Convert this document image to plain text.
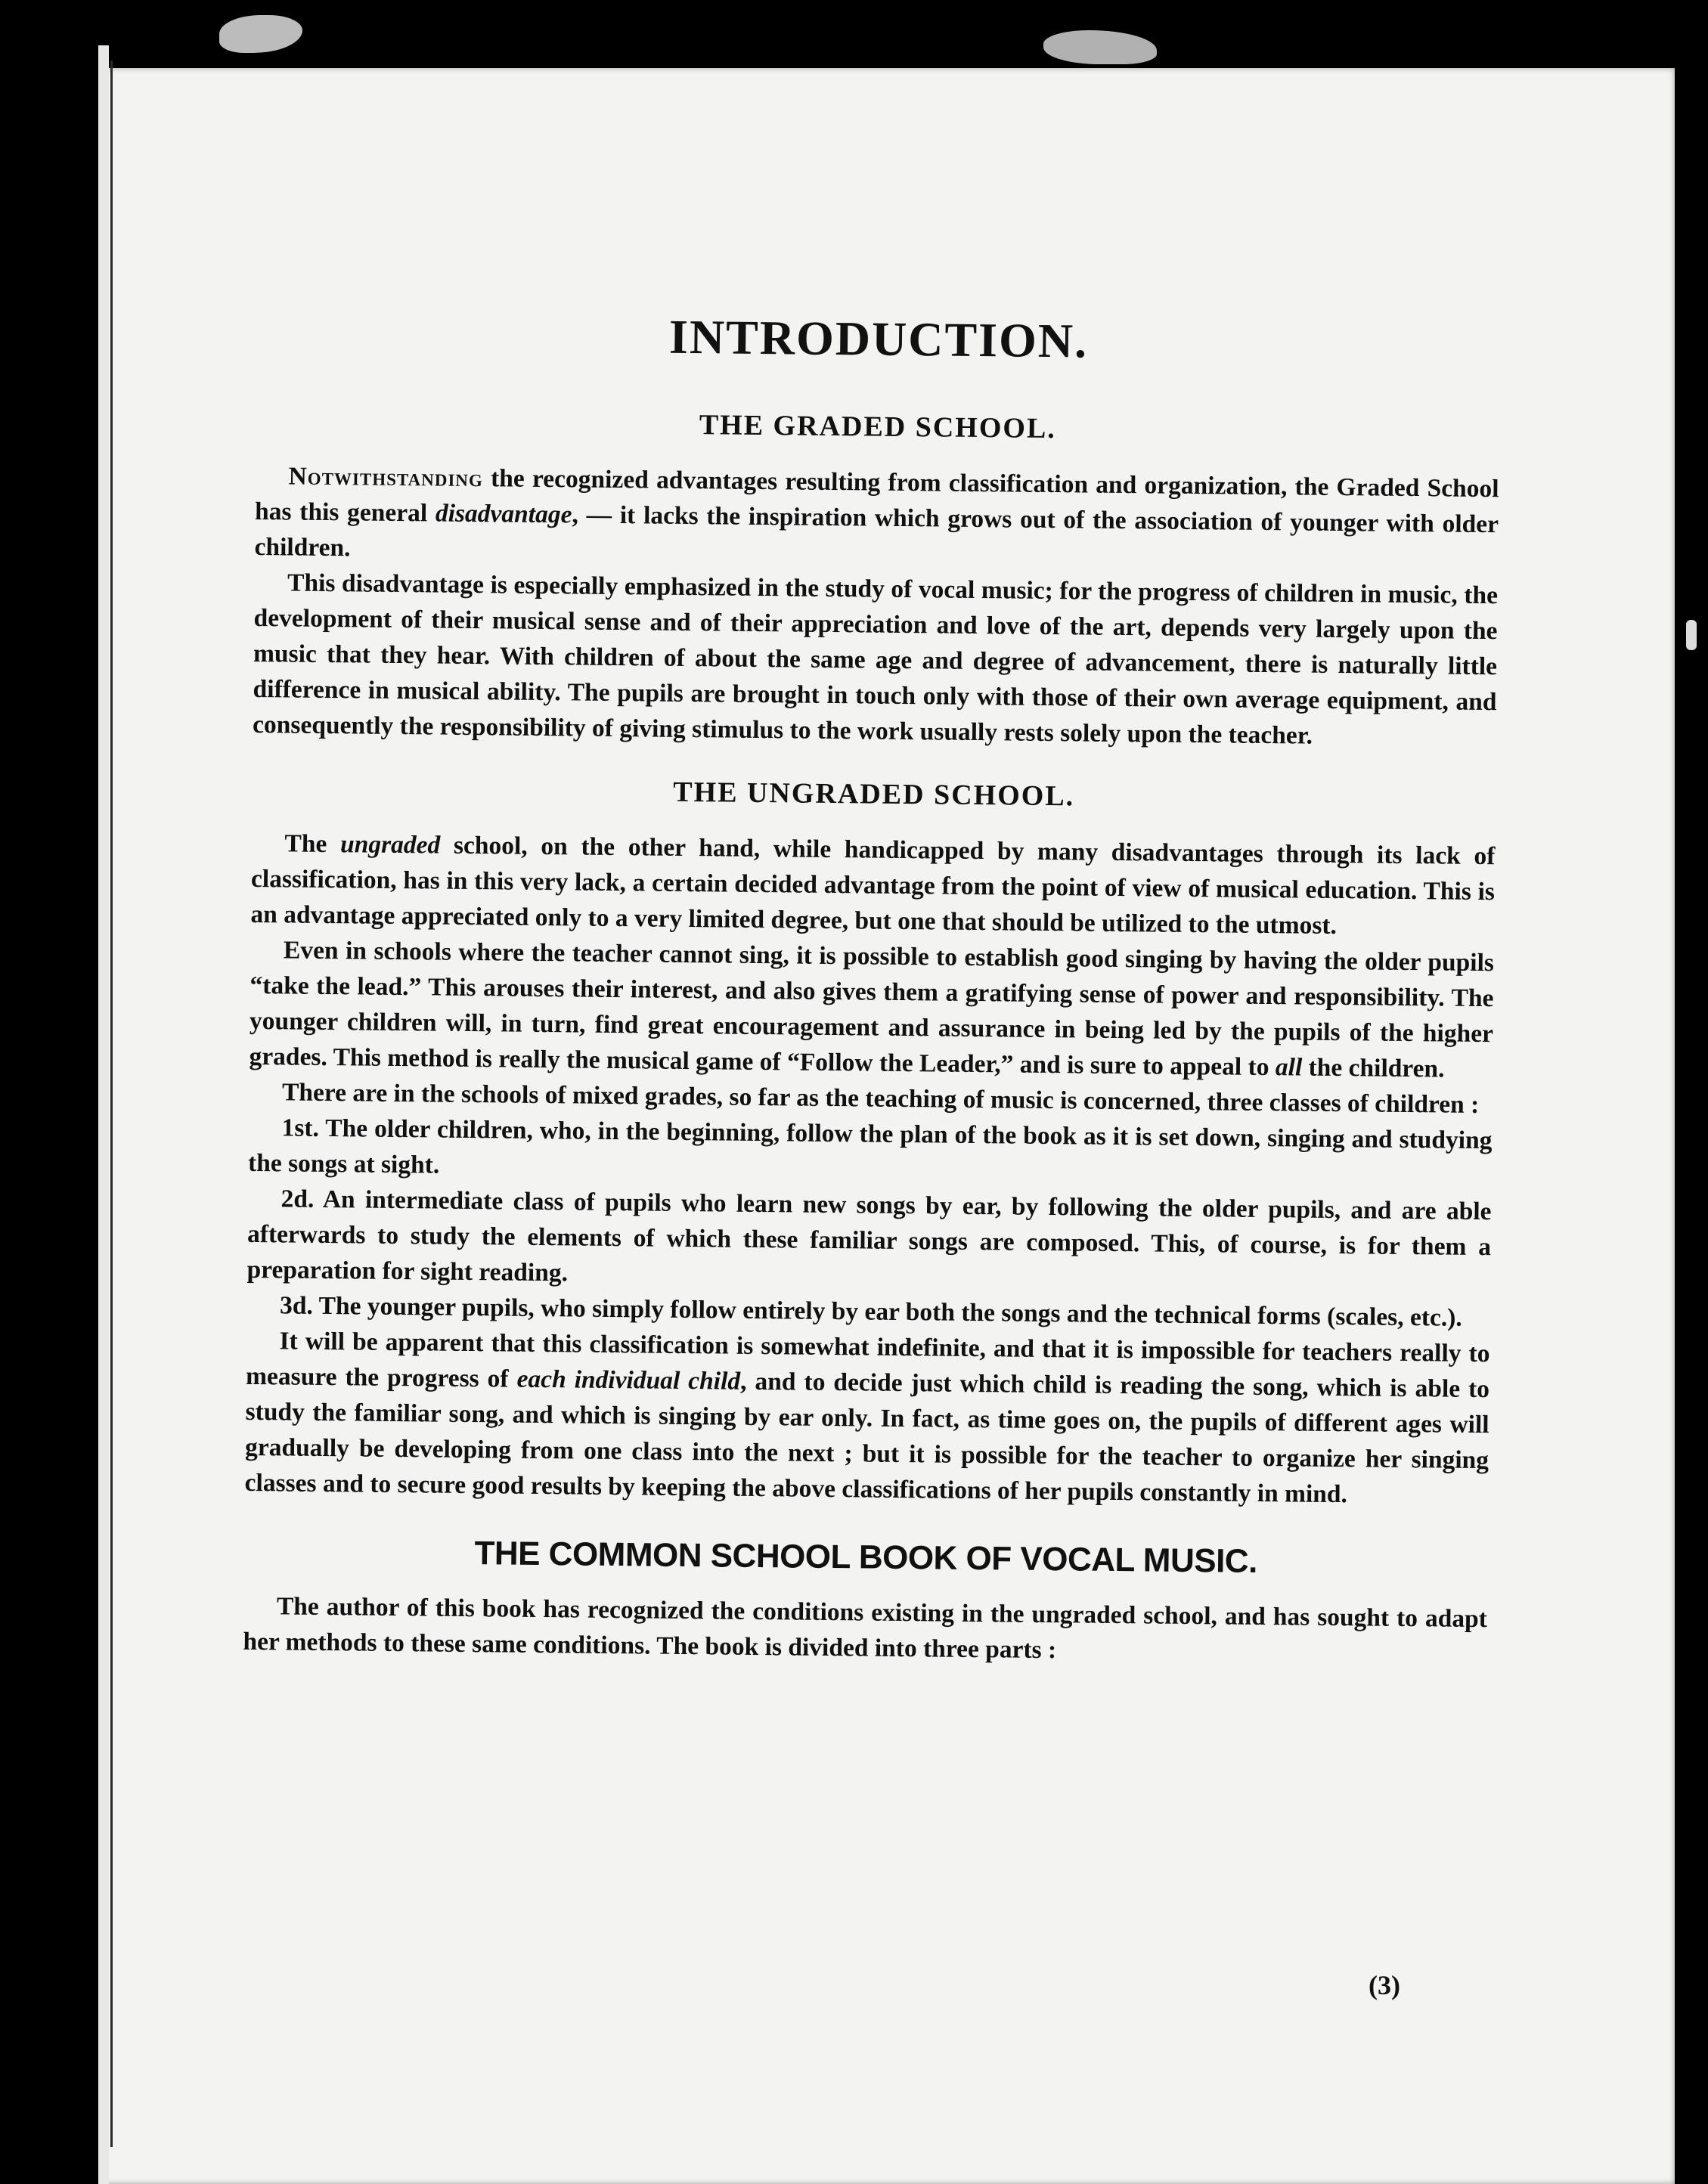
INTRODUCTION.
THE GRADED SCHOOL.

Notwithstanding the recognized advantages resulting from classification and organization, the Graded School has this general disadvantage, — it lacks the inspiration which grows out of the association of younger with older children.

This disadvantage is especially emphasized in the study of vocal music; for the progress of children in music, the development of their musical sense and of their appreciation and love of the art, depends very largely upon the music that they hear. With children of about the same age and degree of advancement, there is naturally little difference in musical ability. The pupils are brought in touch only with those of their own average equipment, and consequently the responsibility of giving stimulus to the work usually rests solely upon the teacher.

THE UNGRADED SCHOOL.

The ungraded school, on the other hand, while handicapped by many disadvantages through its lack of classification, has in this very lack, a certain decided advantage from the point of view of musical education. This is an advantage appreciated only to a very limited degree, but one that should be utilized to the utmost.

Even in schools where the teacher cannot sing, it is possible to establish good singing by having the older pupils “take the lead.” This arouses their interest, and also gives them a gratifying sense of power and responsibility. The younger children will, in turn, find great encouragement and assurance in being led by the pupils of the higher grades. This method is really the musical game of “Follow the Leader,” and is sure to appeal to all the children.

There are in the schools of mixed grades, so far as the teaching of music is concerned, three classes of children :

1st. The older children, who, in the beginning, follow the plan of the book as it is set down, singing and studying the songs at sight.

2d. An intermediate class of pupils who learn new songs by ear, by following the older pupils, and are able afterwards to study the elements of which these familiar songs are composed. This, of course, is for them a preparation for sight reading.

3d. The younger pupils, who simply follow entirely by ear both the songs and the technical forms (scales, etc.).

It will be apparent that this classification is somewhat indefinite, and that it is impossible for teachers really to measure the progress of each individual child, and to decide just which child is reading the song, which is able to study the familiar song, and which is singing by ear only. In fact, as time goes on, the pupils of different ages will gradually be developing from one class into the next ; but it is possible for the teacher to organize her singing classes and to secure good results by keeping the above classifications of her pupils constantly in mind.

THE COMMON SCHOOL BOOK OF VOCAL MUSIC.

The author of this book has recognized the conditions existing in the ungraded school, and has sought to adapt her methods to these same conditions. The book is divided into three parts :

(3)
